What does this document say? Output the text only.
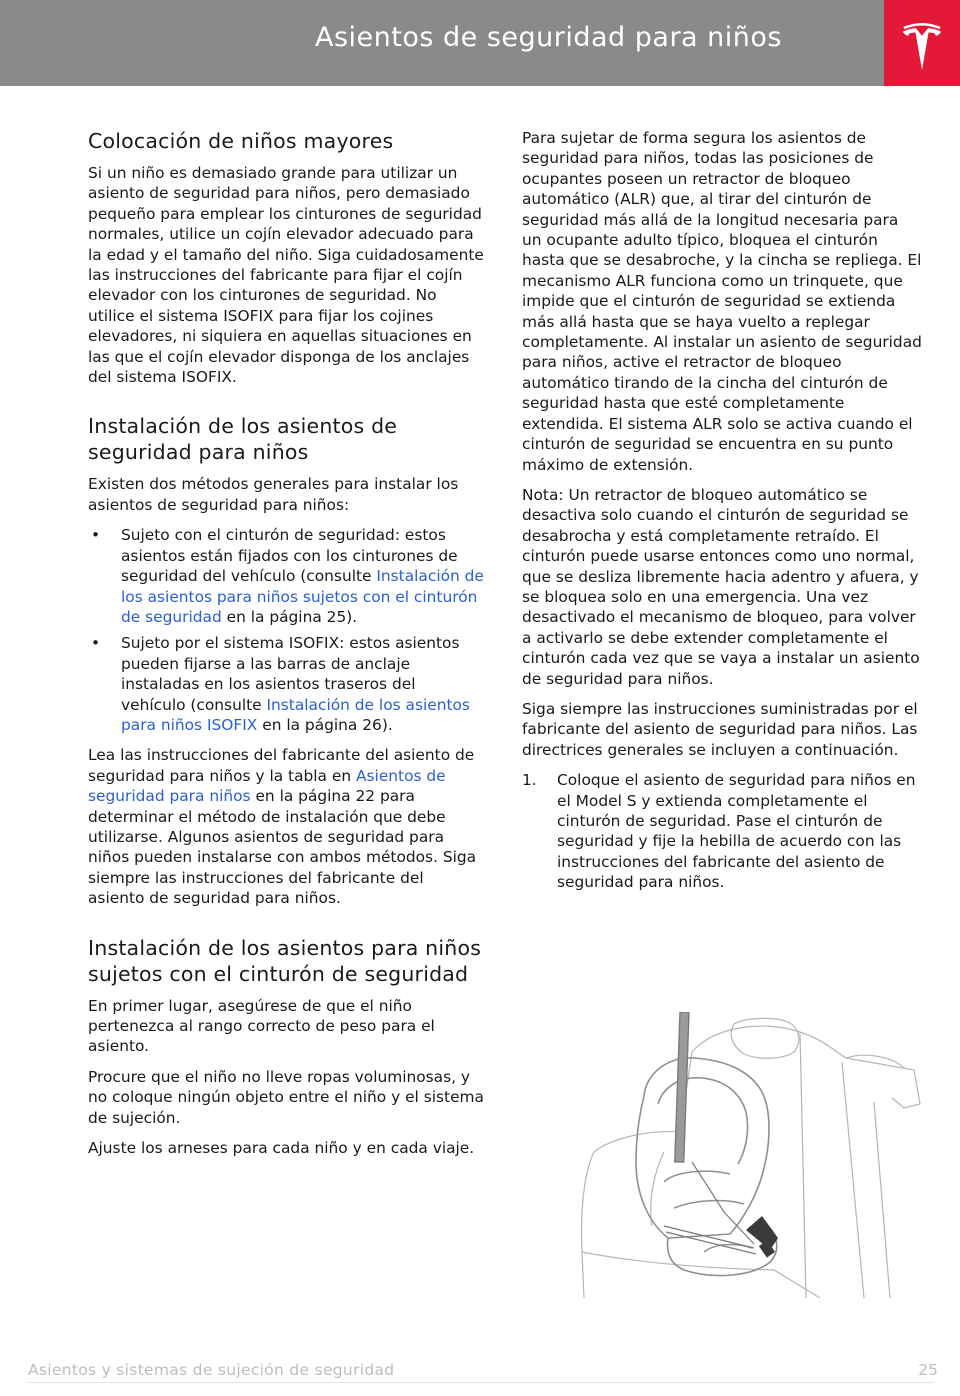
Asientos de seguridad para niños
Colocación de niños mayores

Si un niño es demasiado grande para utilizar un asiento de seguridad para niños, pero demasiado pequeño para emplear los cinturones de seguridad normales, utilice un cojín elevador adecuado para la edad y el tamaño del niño. Siga cuidadosamente las instrucciones del fabricante para fijar el cojín elevador con los cinturones de seguridad. No utilice el sistema ISOFIX para fijar los cojines elevadores, ni siquiera en aquellas situaciones en las que el cojín elevador disponga de los anclajes del sistema ISOFIX.

Instalación de los asientos de seguridad para niños

Existen dos métodos generales para instalar los asientos de seguridad para niños:

• Sujeto con el cinturón de seguridad: estos asientos están fijados con los cinturones de seguridad del vehículo (consulte Instalación de los asientos para niños sujetos con el cinturón de seguridad en la página 25).
• Sujeto por el sistema ISOFIX: estos asientos pueden fijarse a las barras de anclaje instaladas en los asientos traseros del vehículo (consulte Instalación de los asientos para niños ISOFIX en la página 26).

Lea las instrucciones del fabricante del asiento de seguridad para niños y la tabla en Asientos de seguridad para niños en la página 22 para determinar el método de instalación que debe utilizarse. Algunos asientos de seguridad para niños pueden instalarse con ambos métodos. Siga siempre las instrucciones del fabricante del asiento de seguridad para niños.

Instalación de los asientos para niños sujetos con el cinturón de seguridad

En primer lugar, asegúrese de que el niño pertenezca al rango correcto de peso para el asiento.

Procure que el niño no lleve ropas voluminosas, y no coloque ningún objeto entre el niño y el sistema de sujeción.

Ajuste los arneses para cada niño y en cada viaje.

Para sujetar de forma segura los asientos de seguridad para niños, todas las posiciones de ocupantes poseen un retractor de bloqueo automático (ALR) que, al tirar del cinturón de seguridad más allá de la longitud necesaria para un ocupante adulto típico, bloquea el cinturón hasta que se desabroche, y la cincha se repliega. El mecanismo ALR funciona como un trinquete, que impide que el cinturón de seguridad se extienda más allá hasta que se haya vuelto a replegar completamente. Al instalar un asiento de seguridad para niños, active el retractor de bloqueo automático tirando de la cincha del cinturón de seguridad hasta que esté completamente extendida. El sistema ALR solo se activa cuando el cinturón de seguridad se encuentra en su punto máximo de extensión.

Nota: Un retractor de bloqueo automático se desactiva solo cuando el cinturón de seguridad se desabrocha y está completamente retraído. El cinturón puede usarse entonces como uno normal, que se desliza libremente hacia adentro y afuera, y se bloquea solo en una emergencia. Una vez desactivado el mecanismo de bloqueo, para volver a activarlo se debe extender completamente el cinturón cada vez que se vaya a instalar un asiento de seguridad para niños.

Siga siempre las instrucciones suministradas por el fabricante del asiento de seguridad para niños. Las directrices generales se incluyen a continuación.

1. Coloque el asiento de seguridad para niños en el Model S y extienda completamente el cinturón de seguridad. Pase el cinturón de seguridad y fije la hebilla de acuerdo con las instrucciones del fabricante del asiento de seguridad para niños.
Asientos y sistemas de sujeción de seguridad	25
